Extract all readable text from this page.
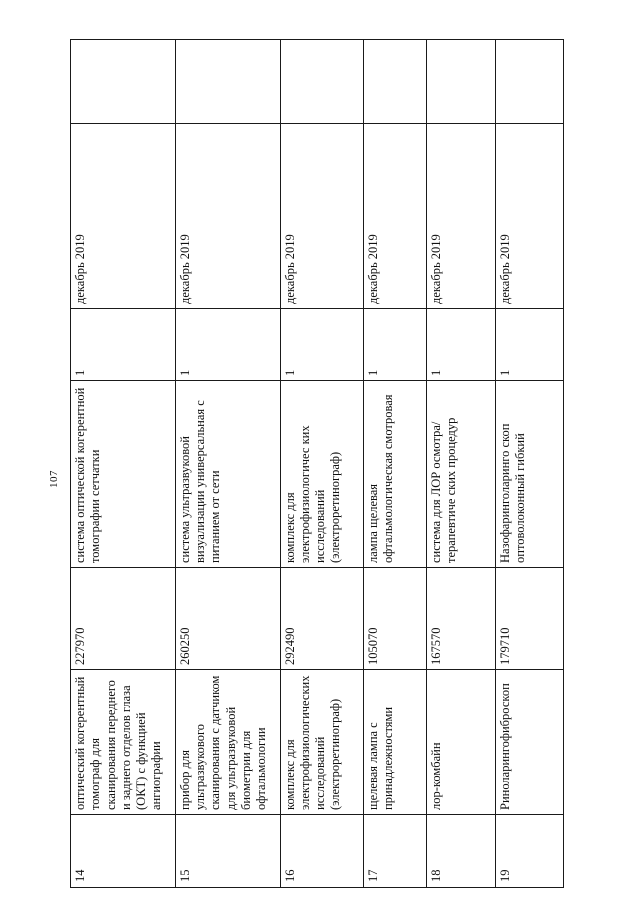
107
14	оптический когерентный томограф для сканирования переднего и заднего отделов глаза (ОКТ) с функцией ангиографии	227970	система оптической когерентной томографии сетчатки	1	декабрь 2019	

15	прибор для ультразвукового сканирования с датчиком для ультразвуковой биометрии для офтальмологии	260250	система ультразвуковой визуализации универсальная с питанием от сети	1	декабрь 2019	

16	комплекс для электрофизиологических исследований (электроретинограф)	292490	комплекс для электрофизиологичес ких исследований (электроретинограф)	1	декабрь 2019	

17	щелевая лампа с принадлежностями	105070	лампа щелевая офтальмологическая смотровая	1	декабрь 2019	

18	лор-комбайн	167570	система для ЛОР осмотра/терапевтиче ских процедур	1	декабрь 2019	

19	Риноларингофиброскоп	179710	Назофаринголаринго скоп оптоволоконный гибкий	1	декабрь 2019	
